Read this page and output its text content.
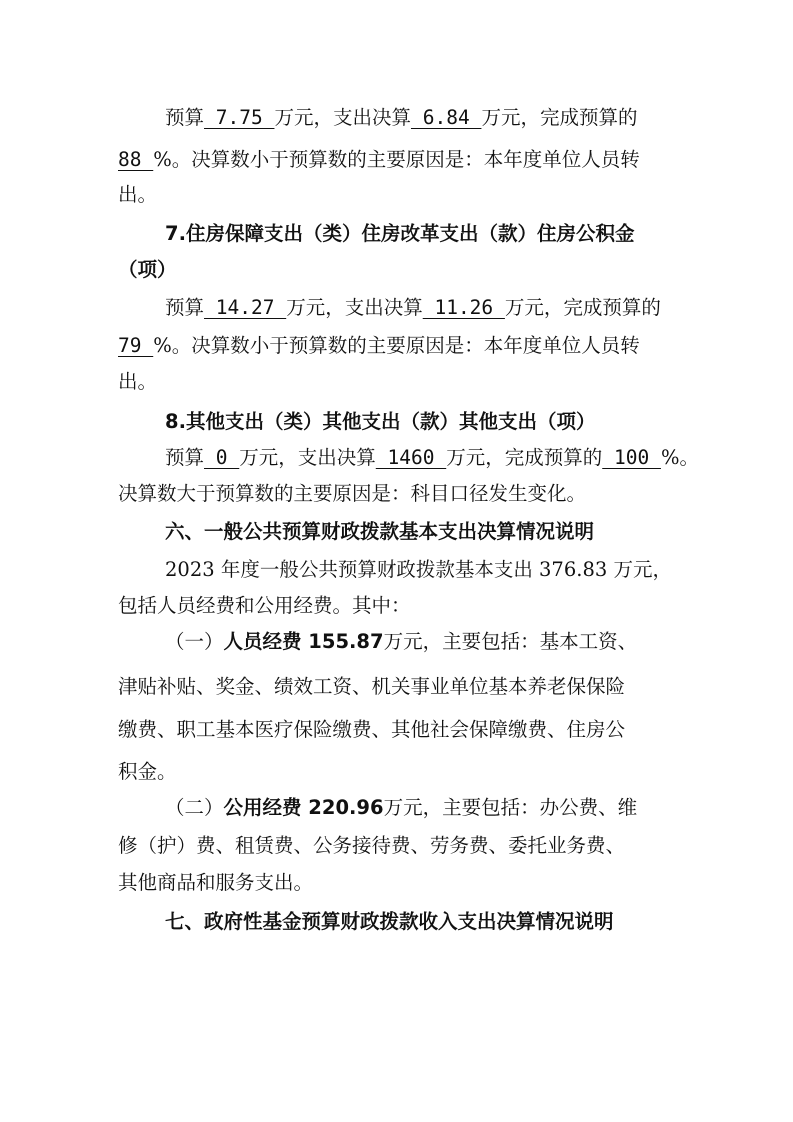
预算 7.75 万元，支出决算 6.84 万元，完成预算的
88 %。决算数小于预算数的主要原因是：本年度单位人员转
出。
7.住房保障支出（类）住房改革支出（款）住房公积金
（项）
预算 14.27 万元，支出决算 11.26 万元，完成预算的
79 %。决算数小于预算数的主要原因是：本年度单位人员转
出。
8.其他支出（类）其他支出（款）其他支出（项）
预算 0 万元，支出决算 1460 万元，完成预算的 100 %。
决算数大于预算数的主要原因是：科目口径发生变化。
六、一般公共预算财政拨款基本支出决算情况说明
2023 年度一般公共预算财政拨款基本支出 376.83 万元，
包括人员经费和公用经费。其中：
（一）人员经费 155.87万元，主要包括：基本工资、
津贴补贴、奖金、绩效工资、机关事业单位基本养老保保险
缴费、职工基本医疗保险缴费、其他社会保障缴费、住房公
积金。
（二）公用经费 220.96万元，主要包括：办公费、维
修（护）费、租赁费、公务接待费、劳务费、委托业务费、
其他商品和服务支出。
七、政府性基金预算财政拨款收入支出决算情况说明
